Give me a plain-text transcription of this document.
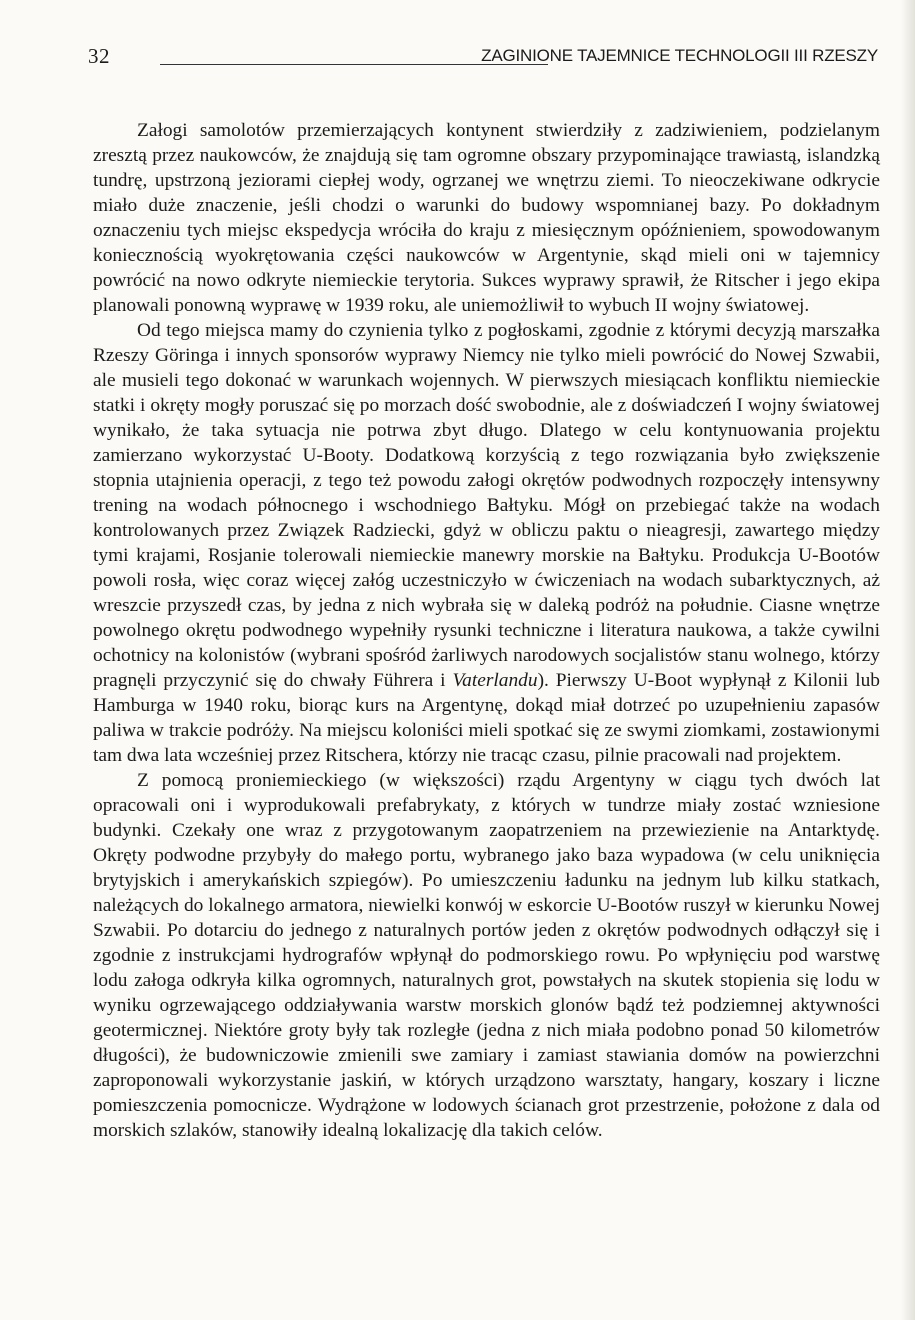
32	ZAGINIONE TAJEMNICE TECHNOLOGII III RZESZY

Załogi samolotów przemierzających kontynent stwierdziły z zadziwieniem, podzielanym zresztą przez naukowców, że znajdują się tam ogromne obszary przypominające trawiastą, islandzką tundrę, upstrzoną jeziorami ciepłej wody, ogrzanej we wnętrzu ziemi. To nieoczekiwane odkrycie miało duże znaczenie, jeśli chodzi o warunki do budowy wspomnianej bazy. Po dokładnym oznaczeniu tych miejsc ekspedycja wróciła do kraju z miesięcznym opóźnieniem, spowodowanym koniecznością wyokrętowania części naukowców w Argentynie, skąd mieli oni w tajemnicy powrócić na nowo odkryte niemieckie terytoria. Sukces wyprawy sprawił, że Ritscher i jego ekipa planowali ponowną wyprawę w 1939 roku, ale uniemożliwił to wybuch II wojny światowej.

Od tego miejsca mamy do czynienia tylko z pogłoskami, zgodnie z którymi decyzją marszałka Rzeszy Göringa i innych sponsorów wyprawy Niemcy nie tylko mieli powrócić do Nowej Szwabii, ale musieli tego dokonać w warunkach wojennych. W pierwszych miesiącach konfliktu niemieckie statki i okręty mogły poruszać się po morzach dość swobodnie, ale z doświadczeń I wojny światowej wynikało, że taka sytuacja nie potrwa zbyt długo. Dlatego w celu kontynuowania projektu zamierzano wykorzystać U-Booty. Dodatkową korzyścią z tego rozwiązania było zwiększenie stopnia utajnienia operacji, z tego też powodu załogi okrętów podwodnych rozpoczęły intensywny trening na wodach północnego i wschodniego Bałtyku. Mógł on przebiegać także na wodach kontrolowanych przez Związek Radziecki, gdyż w obliczu paktu o nieagresji, zawartego między tymi krajami, Rosjanie tolerowali niemieckie manewry morskie na Bałtyku. Produkcja U-Bootów powoli rosła, więc coraz więcej załóg uczestniczyło w ćwiczeniach na wodach subarktycznych, aż wreszcie przyszedł czas, by jedna z nich wybrała się w daleką podróż na południe. Ciasne wnętrze powolnego okrętu podwodnego wypełniły rysunki techniczne i literatura naukowa, a także cywilni ochotnicy na kolonistów (wybrani spośród żarliwych narodowych socjalistów stanu wolnego, którzy pragnęli przyczynić się do chwały Führera i Vaterlandu). Pierwszy U-Boot wypłynął z Kilonii lub Hamburga w 1940 roku, biorąc kurs na Argentynę, dokąd miał dotrzeć po uzupełnieniu zapasów paliwa w trakcie podróży. Na miejscu koloniści mieli spotkać się ze swymi ziomkami, zostawionymi tam dwa lata wcześniej przez Ritschera, którzy nie tracąc czasu, pilnie pracowali nad projektem.

Z pomocą proniemieckiego (w większości) rządu Argentyny w ciągu tych dwóch lat opracowali oni i wyprodukowali prefabrykaty, z których w tundrze miały zostać wzniesione budynki. Czekały one wraz z przygotowanym zaopatrzeniem na przewiezienie na Antarktydę. Okręty podwodne przybyły do małego portu, wybranego jako baza wypadowa (w celu uniknięcia brytyjskich i amerykańskich szpiegów). Po umieszczeniu ładunku na jednym lub kilku statkach, należących do lokalnego armatora, niewielki konwój w eskorcie U-Bootów ruszył w kierunku Nowej Szwabii. Po dotarciu do jednego z naturalnych portów jeden z okrętów podwodnych odłączył się i zgodnie z instrukcjami hydrografów wpłynął do podmorskiego rowu. Po wpłynięciu pod warstwę lodu załoga odkryła kilka ogromnych, naturalnych grot, powstałych na skutek stopienia się lodu w wyniku ogrzewającego oddziaływania warstw morskich glonów bądź też podziemnej aktywności geotermicznej. Niektóre groty były tak rozległe (jedna z nich miała podobno ponad 50 kilometrów długości), że budowniczowie zmienili swe zamiary i zamiast stawiania domów na powierzchni zaproponowali wykorzystanie jaskiń, w których urządzono warsztaty, hangary, koszary i liczne pomieszczenia pomocnicze. Wydrążone w lodowych ścianach grot przestrzenie, położone z dala od morskich szlaków, stanowiły idealną lokalizację dla takich celów.
